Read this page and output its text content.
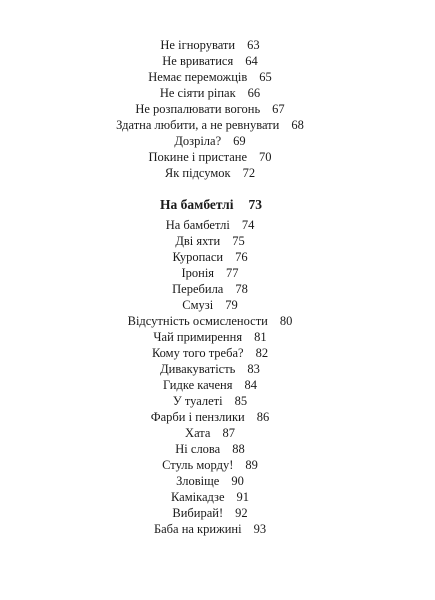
Не ігнорувати 63
Не вриватися 64
Немає переможців 65
Не сіяти ріпак 66
Не розпалювати вогонь 67
Здатна любити, а не ревнувати 68
Дозріла? 69
Покине і пристане 70
Як підсумок 72
На бамбетлі 73
На бамбетлі 74
Дві яхти 75
Куропаси 76
Іронія 77
Перебила 78
Смузі 79
Відсутність осмислености 80
Чай примирення 81
Кому того треба? 82
Дивакуватість 83
Гидке каченя 84
У туалеті 85
Фарби і пензлики 86
Хата 87
Ні слова 88
Стуль морду! 89
Зловіще 90
Камікадзе 91
Вибирай! 92
Баба на крижині 93
